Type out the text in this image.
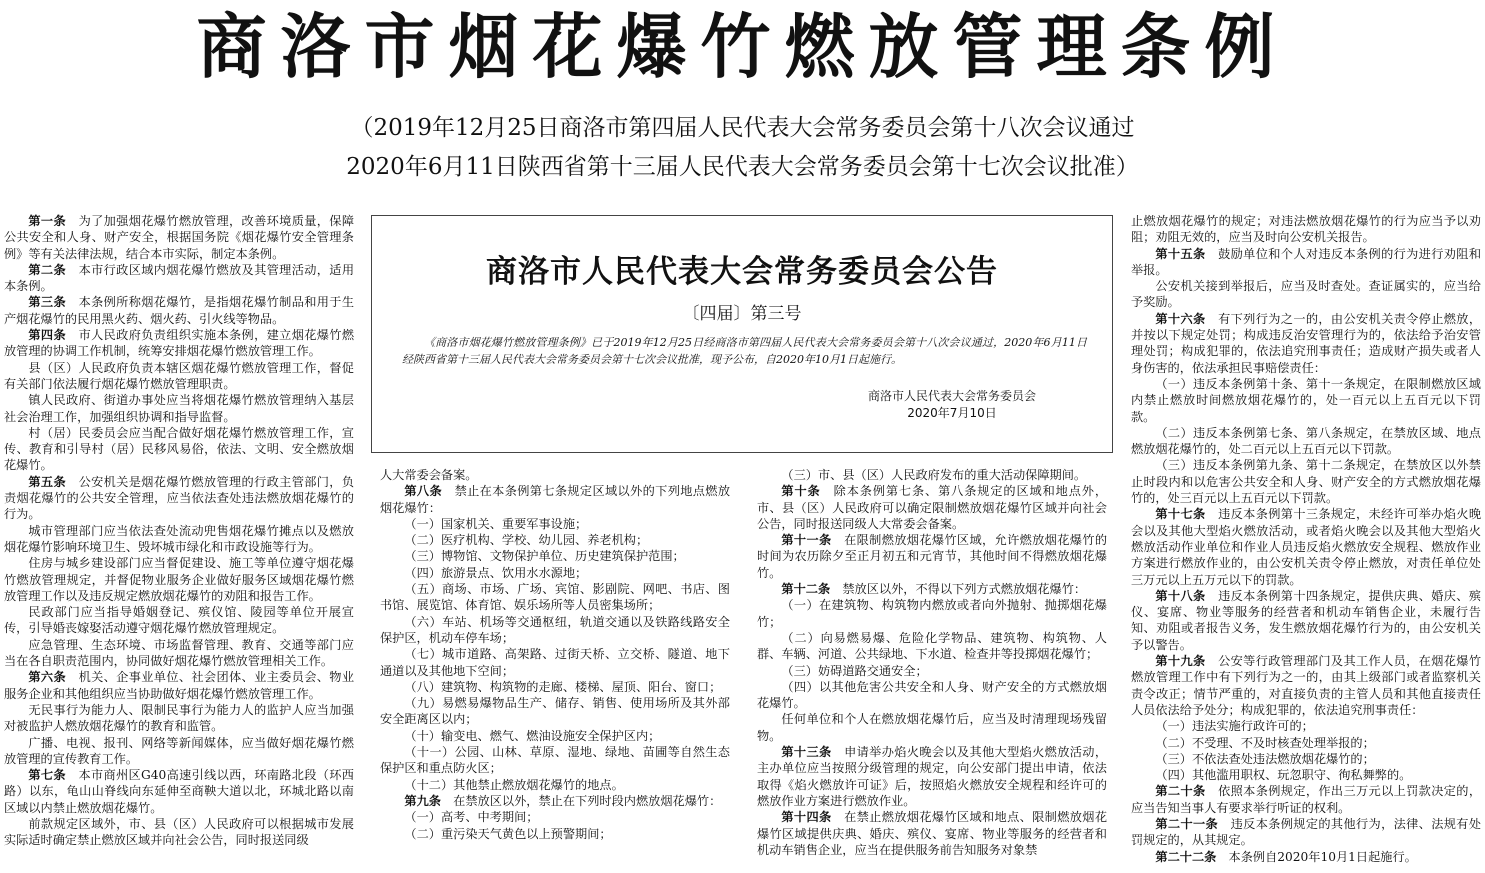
商洛市烟花爆竹燃放管理条例
（2019年12月25日商洛市第四届人民代表大会常务委员会第十八次会议通过
2020年6月11日陕西省第十三届人民代表大会常务委员会第十七次会议批准）

第一条　 为了加强烟花爆竹燃放管理，改善环境质量，保障公共安全和人身、财产安全，根据国务院《烟花爆竹安全管理条例》等有关法律法规，结合本市实际，制定本条例。

第二条　 本市行政区域内烟花爆竹燃放及其管理活动，适用本条例。

第三条　 本条例所称烟花爆竹，是指烟花爆竹制品和用于生产烟花爆竹的民用黑火药、烟火药、引火线等物品。

第四条　 市人民政府负责组织实施本条例，建立烟花爆竹燃放管理的协调工作机制，统筹安排烟花爆竹燃放管理工作。

县（区）人民政府负责本辖区烟花爆竹燃放管理工作，督促有关部门依法履行烟花爆竹燃放管理职责。

镇人民政府、街道办事处应当将烟花爆竹燃放管理纳入基层社会治理工作，加强组织协调和指导监督。

村（居）民委员会应当配合做好烟花爆竹燃放管理工作，宣传、教育和引导村（居）民移风易俗，依法、文明、安全燃放烟花爆竹。

第五条　 公安机关是烟花爆竹燃放管理的行政主管部门，负责烟花爆竹的公共安全管理，应当依法查处违法燃放烟花爆竹的行为。

城市管理部门应当依法查处流动兜售烟花爆竹摊点以及燃放烟花爆竹影响环境卫生、毁坏城市绿化和市政设施等行为。

住房与城乡建设部门应当督促建设、施工等单位遵守烟花爆竹燃放管理规定，并督促物业服务企业做好服务区域烟花爆竹燃放管理工作以及违反规定燃放烟花爆竹的劝阻和报告工作。

民政部门应当指导婚姻登记、殡仪馆、陵园等单位开展宣传，引导婚丧嫁娶活动遵守烟花爆竹燃放管理规定。

应急管理、生态环境、市场监督管理、教育、交通等部门应当在各自职责范围内，协同做好烟花爆竹燃放管理相关工作。

第六条　 机关、企事业单位、社会团体、业主委员会、物业服务企业和其他组织应当协助做好烟花爆竹燃放管理工作。

无民事行为能力人、限制民事行为能力人的监护人应当加强对被监护人燃放烟花爆竹的教育和监管。

广播、电视、报刊、网络等新闻媒体，应当做好烟花爆竹燃放管理的宣传教育工作。

第七条　 本市商州区G40高速引线以西，环南路北段（环西路）以东，龟山山脊线向东延伸至商鞅大道以北，环城北路以南区域以内禁止燃放烟花爆竹。

前款规定区域外，市、县（区）人民政府可以根据城市发展实际适时确定禁止燃放区域并向社会公告，同时报送同级

商洛市人民代表大会常务委员会公告
〔四届〕第三号
《商洛市烟花爆竹燃放管理条例》已于2019年12月25日经商洛市第四届人民代表大会常务委员会第十八次会议通过，2020年6月11日经陕西省第十三届人民代表大会常务委员会第十七次会议批准，现予公布，自2020年10月1日起施行。
商洛市人民代表大会常务委员会
2020年7月10日

人大常委会备案。

第八条　 禁止在本条例第七条规定区域以外的下列地点燃放烟花爆竹：

（一）国家机关、重要军事设施；

（二）医疗机构、学校、幼儿园、养老机构；

（三）博物馆、文物保护单位、历史建筑保护范围；

（四）旅游景点、饮用水水源地；

（五）商场、市场、广场、宾馆、影剧院、网吧、书店、图书馆、展览馆、体育馆、娱乐场所等人员密集场所；

（六）车站、机场等交通枢纽，轨道交通以及铁路线路安全保护区，机动车停车场；

（七）城市道路、高架路、过街天桥、立交桥、隧道、地下通道以及其他地下空间；

（八）建筑物、构筑物的走廊、楼梯、屋顶、阳台、窗口；

（九）易燃易爆物品生产、储存、销售、使用场所及其外部安全距离区以内；

（十）输变电、燃气、燃油设施安全保护区内；

（十一）公园、山林、草原、湿地、绿地、苗圃等自然生态保护区和重点防火区；

（十二）其他禁止燃放烟花爆竹的地点。

第九条　 在禁放区以外，禁止在下列时段内燃放烟花爆竹：

（一）高考、中考期间；

（二）重污染天气黄色以上预警期间；

（三）市、县（区）人民政府发布的重大活动保障期间。

第十条　 除本条例第七条、第八条规定的区域和地点外，市、县（区）人民政府可以确定限制燃放烟花爆竹区域并向社会公告，同时报送同级人大常委会备案。

第十一条　 在限制燃放烟花爆竹区域，允许燃放烟花爆竹的时间为农历除夕至正月初五和元宵节，其他时间不得燃放烟花爆竹。

第十二条　 禁放区以外，不得以下列方式燃放烟花爆竹：

（一）在建筑物、构筑物内燃放或者向外抛射、抛掷烟花爆竹；

（二）向易燃易爆、危险化学物品、建筑物、构筑物、人群、车辆、河道、公共绿地、下水道、检查井等投掷烟花爆竹；

（三）妨碍道路交通安全；

（四）以其他危害公共安全和人身、财产安全的方式燃放烟花爆竹。

任何单位和个人在燃放烟花爆竹后，应当及时清理现场残留物。

第十三条　 申请举办焰火晚会以及其他大型焰火燃放活动，主办单位应当按照分级管理的规定，向公安部门提出申请，依法取得《焰火燃放许可证》后，按照焰火燃放安全规程和经许可的燃放作业方案进行燃放作业。

第十四条　 在禁止燃放烟花爆竹区域和地点、限制燃放烟花爆竹区域提供庆典、婚庆、殡仪、宴席、物业等服务的经营者和机动车销售企业，应当在提供服务前告知服务对象禁

止燃放烟花爆竹的规定；对违法燃放烟花爆竹的行为应当予以劝阻；劝阻无效的，应当及时向公安机关报告。

第十五条　 鼓励单位和个人对违反本条例的行为进行劝阻和举报。

公安机关接到举报后，应当及时查处。查证属实的，应当给予奖励。

第十六条　 有下列行为之一的，由公安机关责令停止燃放，并按以下规定处罚；构成违反治安管理行为的，依法给予治安管理处罚；构成犯罪的，依法追究刑事责任；造成财产损失或者人身伤害的，依法承担民事赔偿责任：

（一）违反本条例第十条、第十一条规定，在限制燃放区域内禁止燃放时间燃放烟花爆竹的，处一百元以上五百元以下罚款。

（二）违反本条例第七条、第八条规定，在禁放区域、地点燃放烟花爆竹的，处二百元以上五百元以下罚款。

（三）违反本条例第九条、第十二条规定，在禁放区以外禁止时段内和以危害公共安全和人身、财产安全的方式燃放烟花爆竹的，处三百元以上五百元以下罚款。

第十七条　 违反本条例第十三条规定，未经许可举办焰火晚会以及其他大型焰火燃放活动，或者焰火晚会以及其他大型焰火燃放活动作业单位和作业人员违反焰火燃放安全规程、燃放作业方案进行燃放作业的，由公安机关责令停止燃放，对责任单位处三万元以上五万元以下的罚款。

第十八条　 违反本条例第十四条规定，提供庆典、婚庆、殡仪、宴席、物业等服务的经营者和机动车销售企业，未履行告知、劝阻或者报告义务，发生燃放烟花爆竹行为的，由公安机关予以警告。

第十九条　 公安等行政管理部门及其工作人员，在烟花爆竹燃放管理工作中有下列行为之一的，由其上级部门或者监察机关责令改正；情节严重的，对直接负责的主管人员和其他直接责任人员依法给予处分；构成犯罪的，依法追究刑事责任：

（一）违法实施行政许可的；

（二）不受理、不及时核查处理举报的；

（三）不依法查处违法燃放烟花爆竹的；

（四）其他滥用职权、玩忽职守、徇私舞弊的。

第二十条　 依照本条例规定，作出三万元以上罚款决定的，应当告知当事人有要求举行听证的权利。

第二十一条　 违反本条例规定的其他行为，法律、法规有处罚规定的，从其规定。

第二十二条　 本条例自2020年10月1日起施行。
